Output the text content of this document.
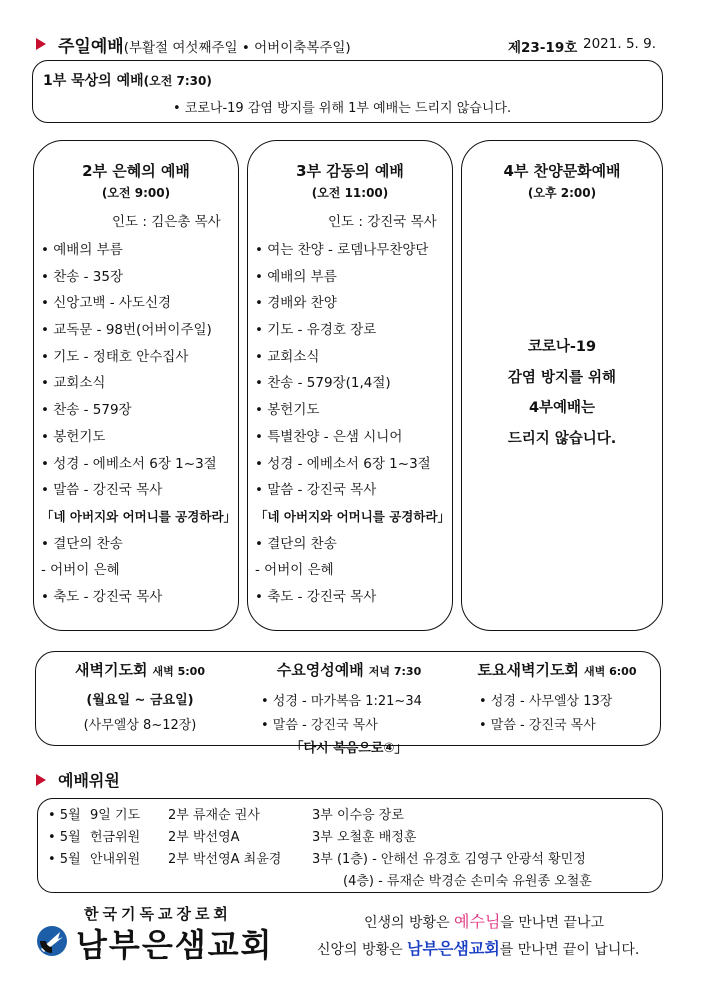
주일예배(부활절 여섯째주일 • 어버이축복주일)	제23-19호 2021. 5. 9.
1부 묵상의 예배(오전 7:30)
• 코로나-19 감염 방지를 위해 1부 예배는 드리지 않습니다.
2부 은혜의 예배
(오전 9:00)
인도 : 김은총 목사
• 예배의 부름
• 찬송 - 35장
• 신앙고백 - 사도신경
• 교독문 - 98번(어버이주일)
• 기도 - 정태호 안수집사
• 교회소식
• 찬송 - 579장
• 봉헌기도
• 성경 - 에베소서 6장 1~3절
• 말씀 - 강진국 목사
「네 아버지와 어머니를 공경하라」
• 결단의 찬송
- 어버이 은혜
• 축도 - 강진국 목사
3부 감동의 예배
(오전 11:00)
인도 : 강진국 목사
• 여는 찬양 - 로뎀나무찬양단
• 예배의 부름
• 경배와 찬양
• 기도 - 유경호 장로
• 교회소식
• 찬송 - 579장(1,4절)
• 봉헌기도
• 특별찬양 - 은샘 시니어
• 성경 - 에베소서 6장 1~3절
• 말씀 - 강진국 목사
「네 아버지와 어머니를 공경하라」
• 결단의 찬송
- 어버이 은혜
• 축도 - 강진국 목사
4부 찬양문화예배
(오후 2:00)
코로나-19
감염 방지를 위해
4부예배는
드리지 않습니다.
새벽기도회 새벽 5:00
(월요일 ~ 금요일)
(사무엘상 8~12장)
수요영성예배 저녁 7:30
• 성경 - 마가복음 1:21~34
• 말씀 - 강진국 목사
「다시 복음으로④」
토요새벽기도회 새벽 6:00
• 성경 - 사무엘상 13장
• 말씀 - 강진국 목사
예배위원
• 5월 9일 기도 2부 류재순 권사	3부 이수응 장로
• 5월 헌금위원 2부 박선영A	3부 오철훈 배정훈
• 5월 안내위원 2부 박선영A 최윤경 3부 (1층) - 안해선 유경호 김영구 안광석 황민정
(4층) - 류재순 박경순 손미숙 유원종 오철훈
한국기독교장로회
남부은샘교회
인생의 방황은 예수님을 만나면 끝나고
신앙의 방황은 남부은샘교회를 만나면 끝이 납니다.
